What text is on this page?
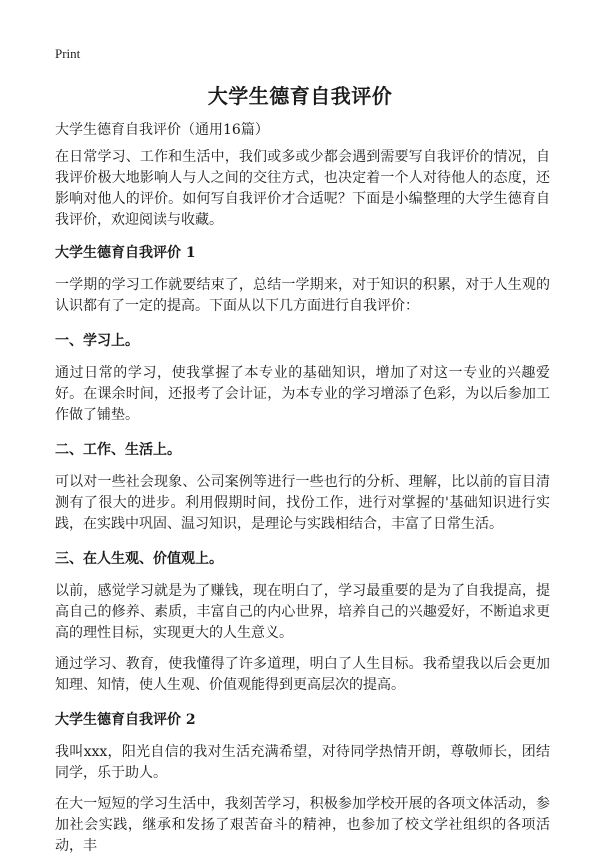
Print
大学生德育自我评价

大学生德育自我评价（通用16篇）

在日常学习、工作和生活中，我们或多或少都会遇到需要写自我评价的情况，自我评价极大地影响人与人之间的交往方式，也决定着一个人对待他人的态度，还影响对他人的评价。如何写自我评价才合适呢？下面是小编整理的大学生德育自我评价，欢迎阅读与收藏。

大学生德育自我评价 1

一学期的学习工作就要结束了，总结一学期来，对于知识的积累，对于人生观的认识都有了一定的提高。下面从以下几方面进行自我评价：

一、学习上。

通过日常的学习，使我掌握了本专业的基础知识，增加了对这一专业的兴趣爱好。在课余时间，还报考了会计证，为本专业的学习增添了色彩，为以后参加工作做了铺垫。

二、工作、生活上。

可以对一些社会现象、公司案例等进行一些也行的分析、理解，比以前的盲目清测有了很大的进步。利用假期时间，找份工作，进行对掌握的'基础知识进行实践，在实践中巩固、温习知识，是理论与实践相结合，丰富了日常生活。

三、在人生观、价值观上。

以前，感觉学习就是为了赚钱，现在明白了，学习最重要的是为了自我提高，提高自己的修养、素质，丰富自己的内心世界，培养自己的兴趣爱好，不断追求更高的理性目标，实现更大的人生意义。

通过学习、教育，使我懂得了许多道理，明白了人生目标。我希望我以后会更加知理、知情，使人生观、价值观能得到更高层次的提高。

大学生德育自我评价 2

我叫xxx，阳光自信的我对生活充满希望，对待同学热情开朗，尊敬师长，团结同学，乐于助人。

在大一短短的学习生活中，我刻苦学习，积极参加学校开展的各项文体活动，参加社会实践，继承和发扬了艰苦奋斗的精神，也参加了校文学社组织的各项活动，丰
